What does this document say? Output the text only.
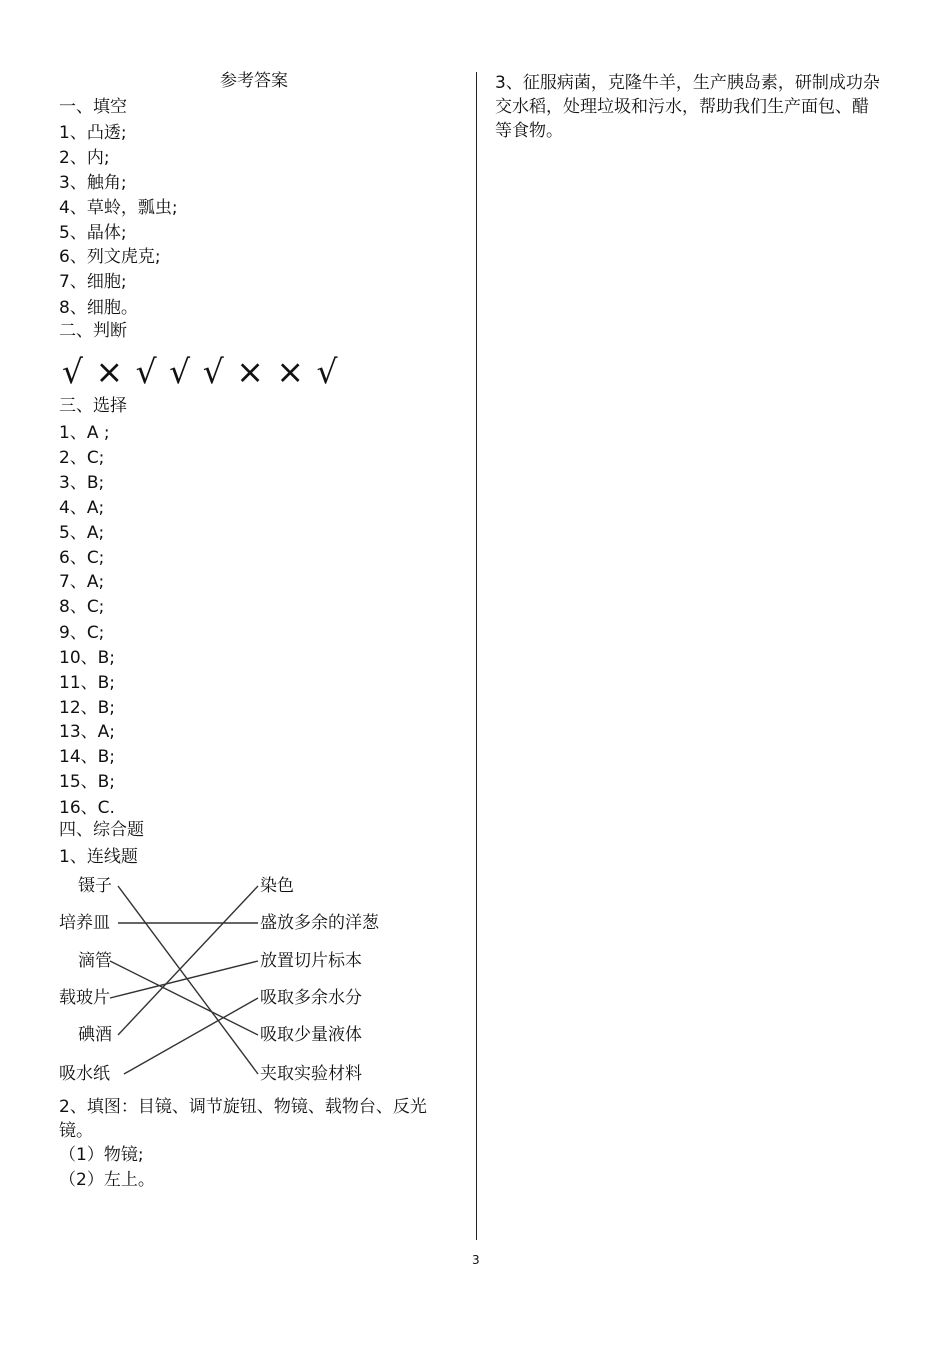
参考答案
一、填空
1、凸透;
2、内;
3、触角;
4、草蛉，瓢虫;
5、晶体;
6、列文虎克;
7、细胞;
8、细胞。
二、判断
√ × √ √ √ × × √
三、选择
1、A ;
2、C;
3、B;
4、A;
5、A;
6、C;
7、A;
8、C;
9、C;
10、B;
11、B;
12、B;
13、A;
14、B;
15、B;
16、C.
四、综合题
1、连线题
镊子
培养皿
滴管
载玻片
碘酒
吸水纸
染色
盛放多余的洋葱
放置切片标本
吸取多余水分
吸取少量液体
夹取实验材料
2、填图：目镜、调节旋钮、物镜、载物台、反光镜。
（1）物镜;
（2）左上。
3、征服病菌，克隆牛羊，生产胰岛素，研制成功杂交水稻，处理垃圾和污水，帮助我们生产面包、醋等食物。
3
